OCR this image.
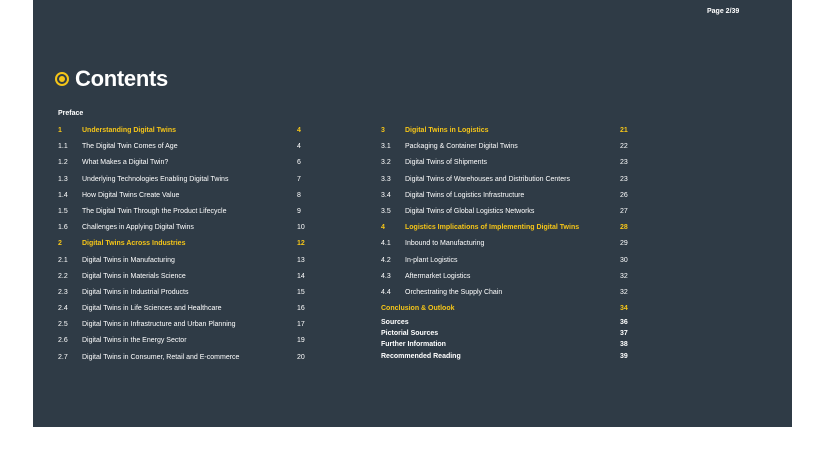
Page 2/39
Contents
Preface
1	Understanding Digital Twins	4
1.1 The Digital Twin Comes of Age	4
1.2 What Makes a Digital Twin?	6
1.3 Underlying Technologies Enabling Digital Twins	7
1.4 How Digital Twins Create Value	8
1.5 The Digital Twin Through the Product Lifecycle	9
1.6 Challenges in Applying Digital Twins	10
2	Digital Twins Across Industries	12
2.1 Digital Twins in Manufacturing	13
2.2 Digital Twins in Materials Science	14
2.3 Digital Twins in Industrial Products	15
2.4 Digital Twins in Life Sciences and Healthcare	16
2.5 Digital Twins in Infrastructure and Urban Planning	17
2.6 Digital Twins in the Energy Sector	19
2.7 Digital Twins in Consumer, Retail and E-commerce	20
3	Digital Twins in Logistics	21
3.1 Packaging & Container Digital Twins	22
3.2 Digital Twins of Shipments	23
3.3 Digital Twins of Warehouses and Distribution Centers	23
3.4 Digital Twins of Logistics Infrastructure	26
3.5 Digital Twins of Global Logistics Networks	27
4	Logistics Implications of Implementing Digital Twins	28
4.1 Inbound to Manufacturing	29
4.2 In-plant Logistics	30
4.3 Aftermarket Logistics	32
4.4 Orchestrating the Supply Chain	32
Conclusion & Outlook	34
Sources	36
Pictorial Sources	37
Further Information	38
Recommended Reading	39
